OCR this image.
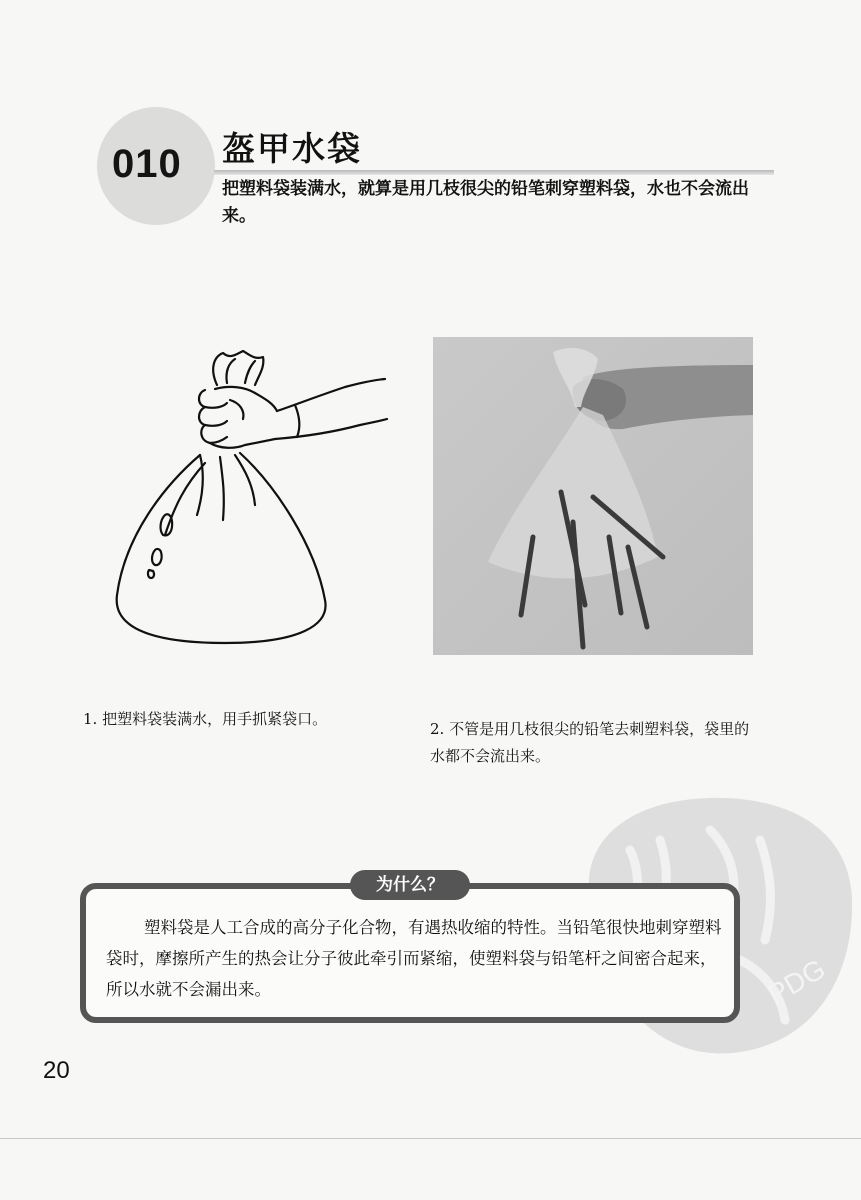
010 盔甲水袋
把塑料袋装满水，就算是用几枝很尖的铅笔刺穿塑料袋，水也不会流出来。
1. 把塑料袋装满水，用手抓紧袋口。
2. 不管是用几枝很尖的铅笔去刺塑料袋，袋里的水都不会流出来。
PDG
为什么？
塑料袋是人工合成的高分子化合物，有遇热收缩的特性。当铅笔很快地刺穿塑料袋时，摩擦所产生的热会让分子彼此牵引而紧缩，使塑料袋与铅笔杆之间密合起来，所以水就不会漏出来。
20
